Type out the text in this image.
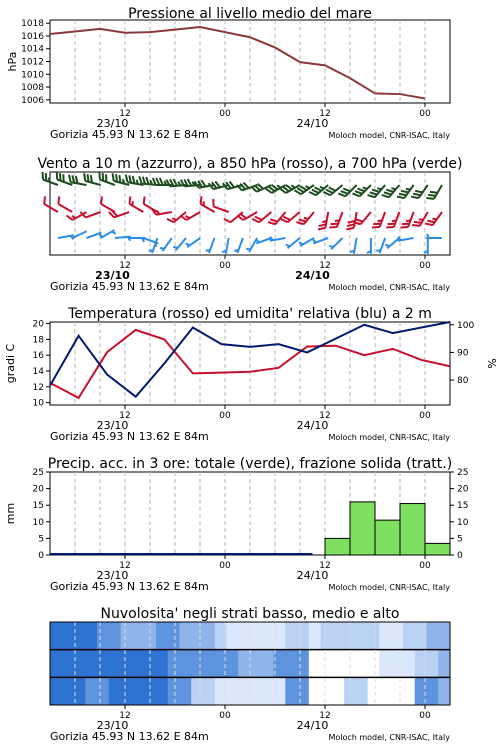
Pressione al livello medio del mare
12	00	12	00
23/10	24/10
Gorizia 45.93 N 13.62 E 84m	Moloch model, CNR-ISAC, Italy
1006
1008
1010
1012
1014
1016
1018
hPa
Vento a 10 m (azzurro), a 850 hPa (rosso), a 700 hPa (verde)
12	00	12	00
23/10	24/10
Gorizia 45.93 N 13.62 E 84m	Moloch model, CNR-ISAC, Italy
Temperatura (rosso) ed umidita' relativa (blu) a 2 m
12	00	12	00
23/10	24/10
Gorizia 45.93 N 13.62 E 84m	Moloch model, CNR-ISAC, Italy
10
12
14
16
18
20
80
90
100
gradi C	%
Precip. acc. in 3 ore: totale (verde), frazione solida (tratt.)
12	00	12	00
23/10	24/10
Gorizia 45.93 N 13.62 E 84m	Moloch model, CNR-ISAC, Italy
0	0
5	5
10	10
15	15
20	20
25	25
mm
Nuvolosita' negli strati basso, medio e alto
12	00	12	00
23/10	24/10
Gorizia 45.93 N 13.62 E 84m	Moloch model, CNR-ISAC, Italy
